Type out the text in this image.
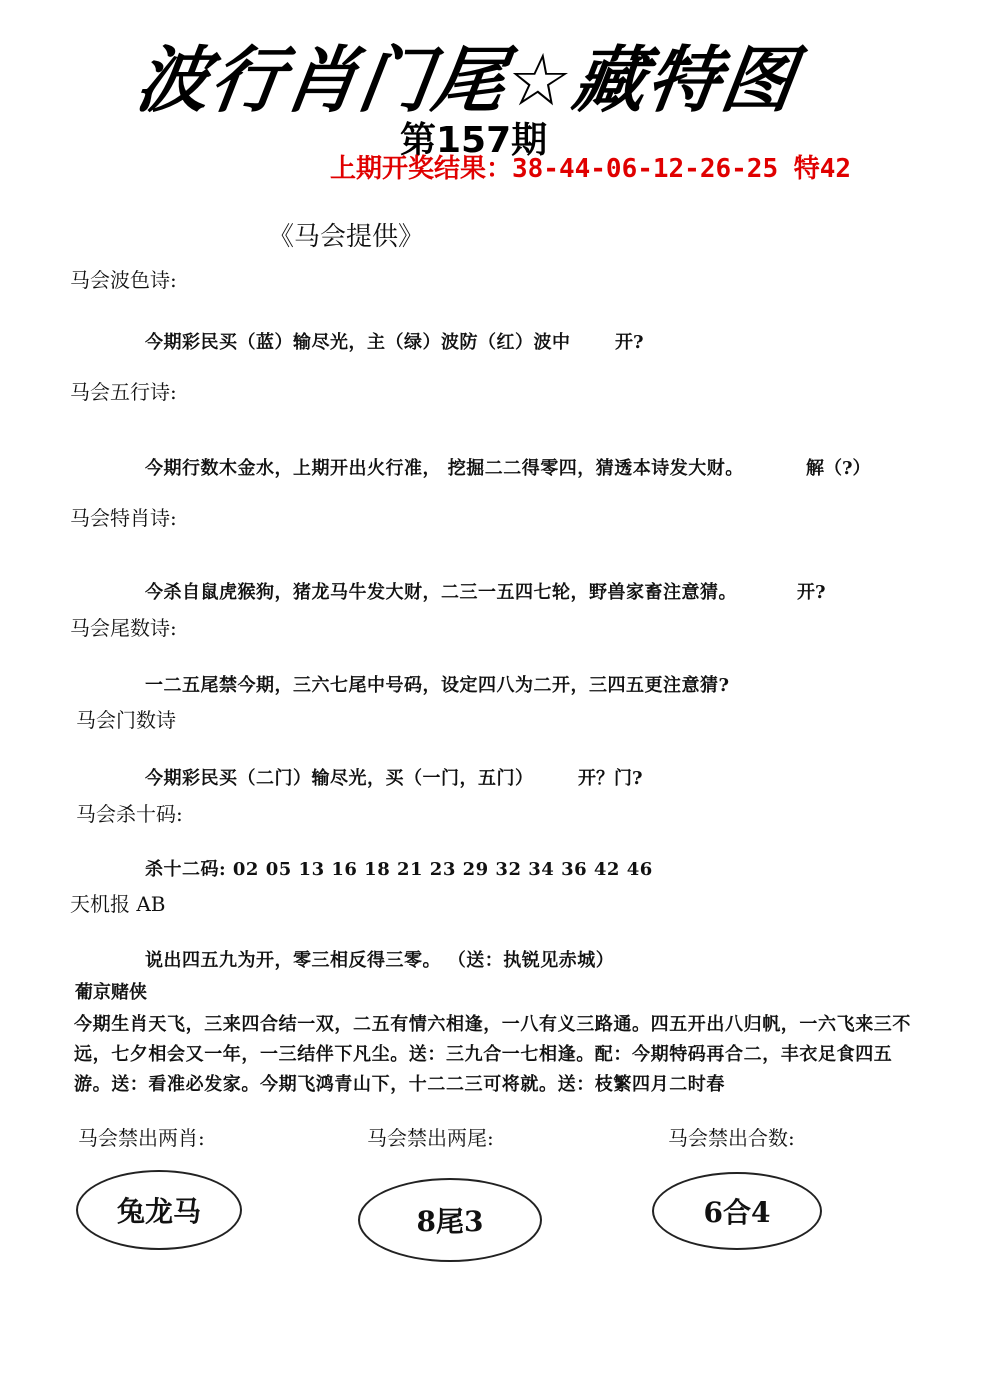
波行肖门尾☆藏特图
第157期
上期开奖结果：38-44-06-12-26-25 特42
《马会提供》
马会波色诗:
今期彩民买（蓝）输尽光，主（绿）波防（红）波中 开?
马会五行诗:
今期行数木金水，上期开出火行准， 挖掘二二得零四，猜透本诗发大财。	解（?）
马会特肖诗:
今杀自鼠虎猴狗，猪龙马牛发大财，二三一五四七轮，野兽家畜注意猜。	开?
马会尾数诗:
一二五尾禁今期，三六七尾中号码，设定四八为二开，三四五更注意猜?
马会门数诗
今期彩民买（二门）输尽光，买（一门，五门） 开？门?
马会杀十码:
杀十二码: 02 05 13 16 18 21 23 29 32 34 36 42 46
天机报 AB
说出四五九为开，零三相反得三零。 （送：执锐见赤城）
葡京赌侠
今期生肖天飞，三来四合结一双，二五有情六相逢，一八有义三路通。四五开出八归帆，一六飞来三不远，七夕相会又一年，一三结伴下凡尘。送：三九合一七相逢。配：今期特码再合二，丰衣足食四五游。送：看准必发家。今期飞鸿青山下，十二二三可将就。送：枝繁四月二时春
马会禁出两肖:	马会禁出两尾:	马会禁出合数:
兔龙马	8尾3	6合4
